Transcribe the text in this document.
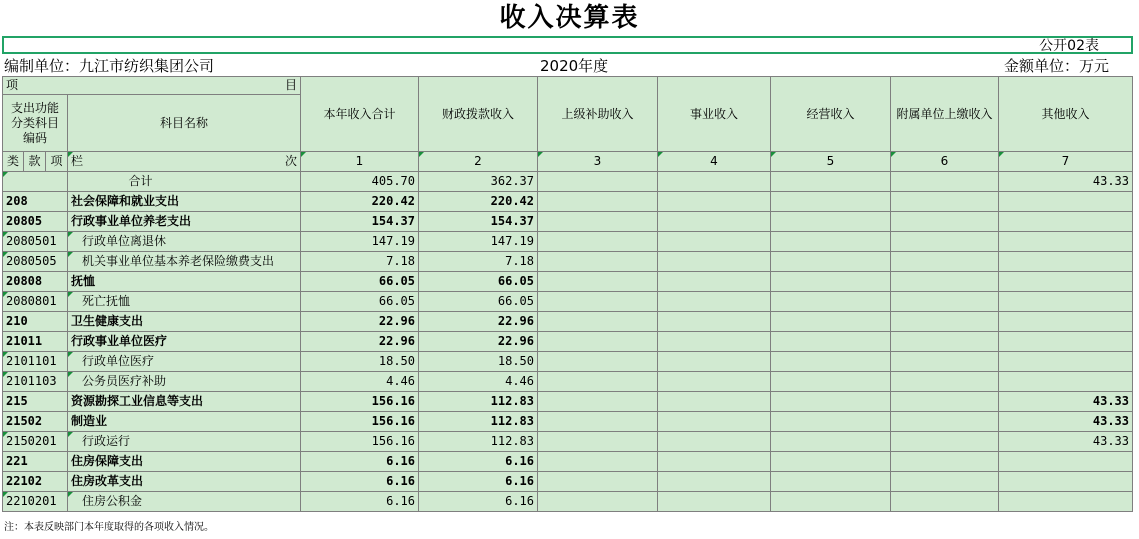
收入决算表
公开02表
编制单位：九江市纺织集团公司	2020年度	金额单位：万元
项 目				本年收入合计	财政拨款收入	上级补助收入	事业收入	经营收入	附属单位上缴收入	其他收入
支出功能分类科目编码			科目名称							
类	款	项								
			栏 次	1	2	3	4	5	6	7
			合计	405.70	362.37					43.33
208			社会保障和就业支出	220.42	220.42					
20805			行政事业单位养老支出	154.37	154.37					
2080501			行政单位离退休	147.19	147.19					
2080505			机关事业单位基本养老保险缴费支出	7.18	7.18					
20808			抚恤	66.05	66.05					
2080801			死亡抚恤	66.05	66.05					
210			卫生健康支出	22.96	22.96					
21011			行政事业单位医疗	22.96	22.96					
2101101			行政单位医疗	18.50	18.50					
2101103			公务员医疗补助	4.46	4.46					
215			资源勘探工业信息等支出	156.16	112.83					43.33
21502			制造业	156.16	112.83					43.33
2150201			行政运行	156.16	112.83					43.33
221			住房保障支出	6.16	6.16					
22102			住房改革支出	6.16	6.16					
2210201			住房公积金	6.16	6.16					
注：本表反映部门本年度取得的各项收入情况。
